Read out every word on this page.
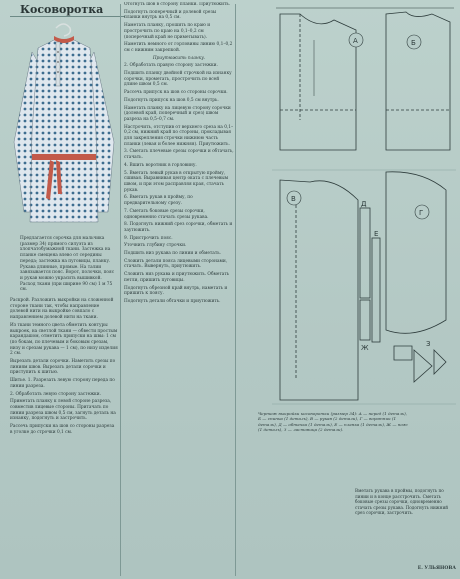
Косоворотка
Предлагается сорочка для мальчика (размер 34) прямого силуэта из хлопчатобумажной ткани. Застежка на планке смещена влево от середины переда; застежка на пуговицы, планку. Рукава длинные, прямые. На талии завязывается пояс. Ворот, полочки, пояс и рукав можно украсить вышивкой. Расход ткани (при ширине 90 см) 1 м 75 см.

Раскрой. Разложить выкройки на сложенной стороне ткани так, чтобы направление долевой нити на выкройке совпало с направлением долевой нити на ткани.

Из ткани темного цвета обметить контуры выкроек, на светлой ткани — обвести простым карандашом, отметить припуски на швы: 1 см (по бокам, по плечевым и боковым срезам, низу и срезам рукава — 1 см), по низу изделия 2 см.

Вырезать детали сорочки. Наметить срезы по линиям швов. Вырезать детали сорочки и приступить к шитью.

Шитье. 1. Разрезать левую сторону переда по линии разреза.

2. Обработать левую сторону застежки.

Приметать планку к левой стороне разреза, совместив лицевые стороны. Притачать по линии разреза швом 0,5 см, загнуть деталь на изнанку, подогнуть и застрочить.

Рассечь припуски на шов со стороны разреза в уголке до строчки 0,1 см.

Отогнуть шов в сторону планки. Приутюжить.

Подогнуть поперечный и долевой срезы планки внутрь на 0,5 см.

Наметать планку, прошить по краю и прострочить по краю на 0,1–0,2 см (поперечный край не приметывать).

Наметить немного от горловины линию 0,1–0,2 см с нижним закрепкой.

Приутюжить планку.

2. Обработать правую сторону застежки.

Подшить планку двойной строчкой на изнанку сорочки, прометать, прострочить по всей длине швом 0,5 см.

Рассечь припуск на шов со стороны сорочки.

Подогнуть припуск на шов 0,5 см внутрь.

Наметать планку на лицевую сторону сорочки (долевой край, поперечный и срез) швом разреза на 0,5–0,7 см.

Настрочить, отступив от верхнего среза на 0,1–0,2 см, нижний край по стороны, прокладывая для закрепления строчки нижнюю часть планки (левая и более нижняя). Приутюжить.

3. Сметать плечевые срезы сорочки и обтачать, стачать.

4. Вшить воротник в горловину.

5. Вметать левый рукав в открытую пройму, сшивая. Выравнивая центр оката с плечевым швом, и при этом расправляя края, стачать рукав.

6. Вметать рукав в пройму, по предварительному срезу.

7. Сметать боковые срезы сорочки, одновременно стачать срезы рукава.

8. Подогнуть нижний срез сорочки, обметать и заутюжить.

9. Пристрочить пояс.

Уточнить глубину строчки.

Подшить низ рукава по линии и обметать.

Сложить детали пояса лицевыми сторонами, стачать. Вывернуть, приутюжить.

Сложить низ рукава и приутюжить. Обметать петли, пришить пуговицы.

Подогнуть обрезной край внутрь, наметать и пришить к поясу.

Подогнуть детали обтачки и приутюжить.

А	Б
В
Г
Д
Е
Ж	З
Чертеж выкройки косоворотки (размер 34): А — перед (1 деталь), Б — спинка (1 деталь), В — рукав (2 детали), Г — воротник (1 деталь), Д — обтачка (1 деталь), Е — планка (1 деталь), Ж — пояс (1 деталь), З — ластовица (2 детали).
Вметать рукава в проймы, подогнуть по линии и в конце расстрочить. Сметать боковые срезы сорочки, одновременно стачать срезы рукава. Подогнуть нижний срез сорочки, застрочить.
Е. УЛЬЯНОВА
